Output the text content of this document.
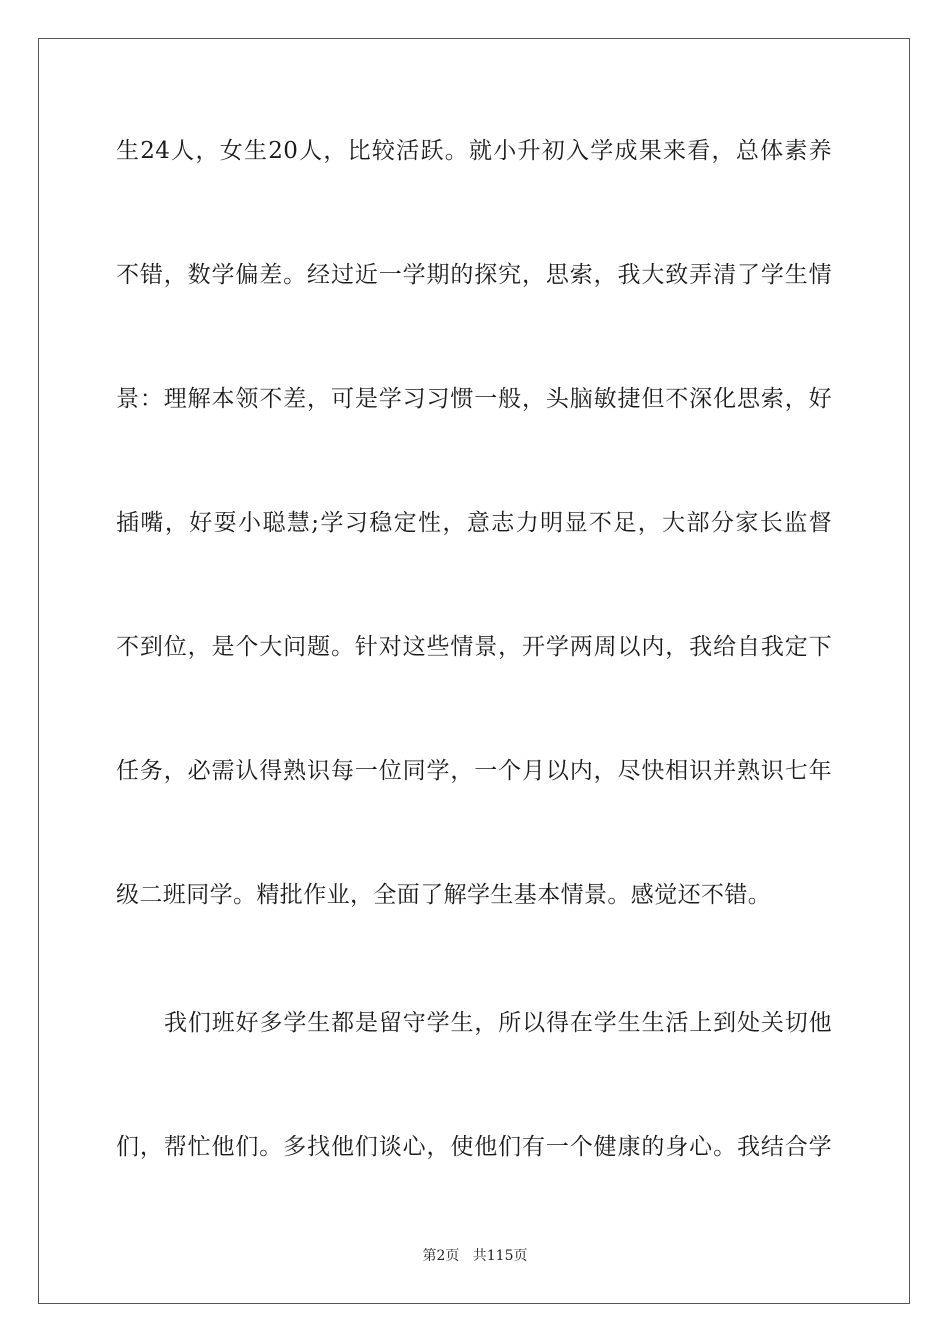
生24人，女生20人，比较活跃。就小升初入学成果来看，总体素养
不错，数学偏差。经过近一学期的探究，思索，我大致弄清了学生情
景：理解本领不差，可是学习习惯一般，头脑敏捷但不深化思索，好
插嘴，好耍小聪慧;学习稳定性，意志力明显不足，大部分家长监督
不到位，是个大问题。针对这些情景，开学两周以内，我给自我定下
任务，必需认得熟识每一位同学，一个月以内，尽快相识并熟识七年
级二班同学。精批作业，全面了解学生基本情景。感觉还不错。
我们班好多学生都是留守学生，所以得在学生生活上到处关切他
们，帮忙他们。多找他们谈心，使他们有一个健康的身心。我结合学
第2页 共115页
